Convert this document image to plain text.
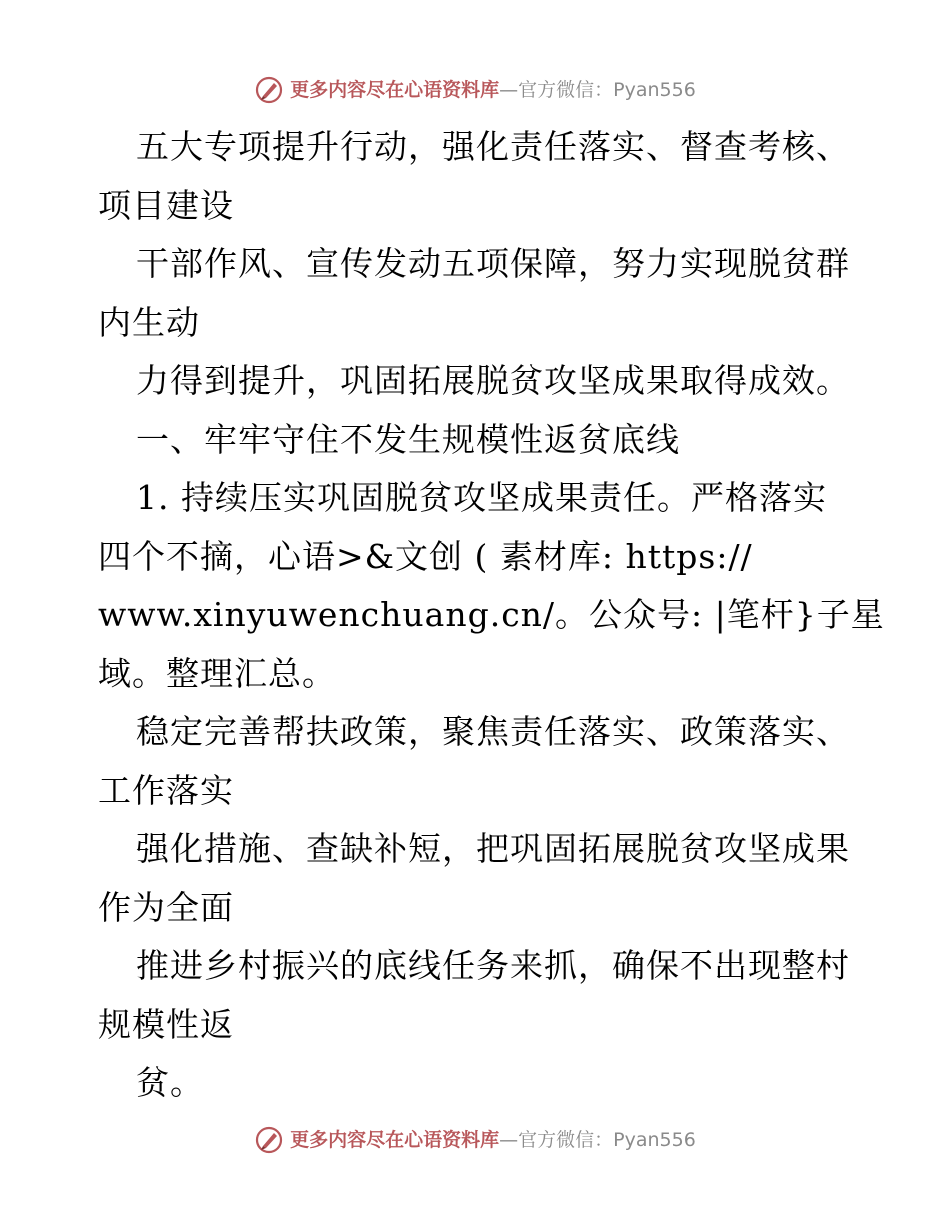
更多内容尽在心语资料库 —官方微信：Pyan556
五大专项提升行动，强化责任落实、督查考核、
项目建设
干部作风、宣传发动五项保障，努力实现脱贫群
内生动
力得到提升，巩固拓展脱贫攻坚成果取得成效。
一、牢牢守住不发生规模性返贫底线
1. 持续压实巩固脱贫攻坚成果责任。严格落实
四个不摘，心语>&文创 ( 素材库: https://
www.xinyuwenchuang.cn/。公众号: |笔杆}子星
域。整理汇总。
稳定完善帮扶政策，聚焦责任落实、政策落实、
工作落实
强化措施、查缺补短，把巩固拓展脱贫攻坚成果
作为全面
推进乡村振兴的底线任务来抓，确保不出现整村
规模性返
贫。
更多内容尽在心语资料库 —官方微信：Pyan556
